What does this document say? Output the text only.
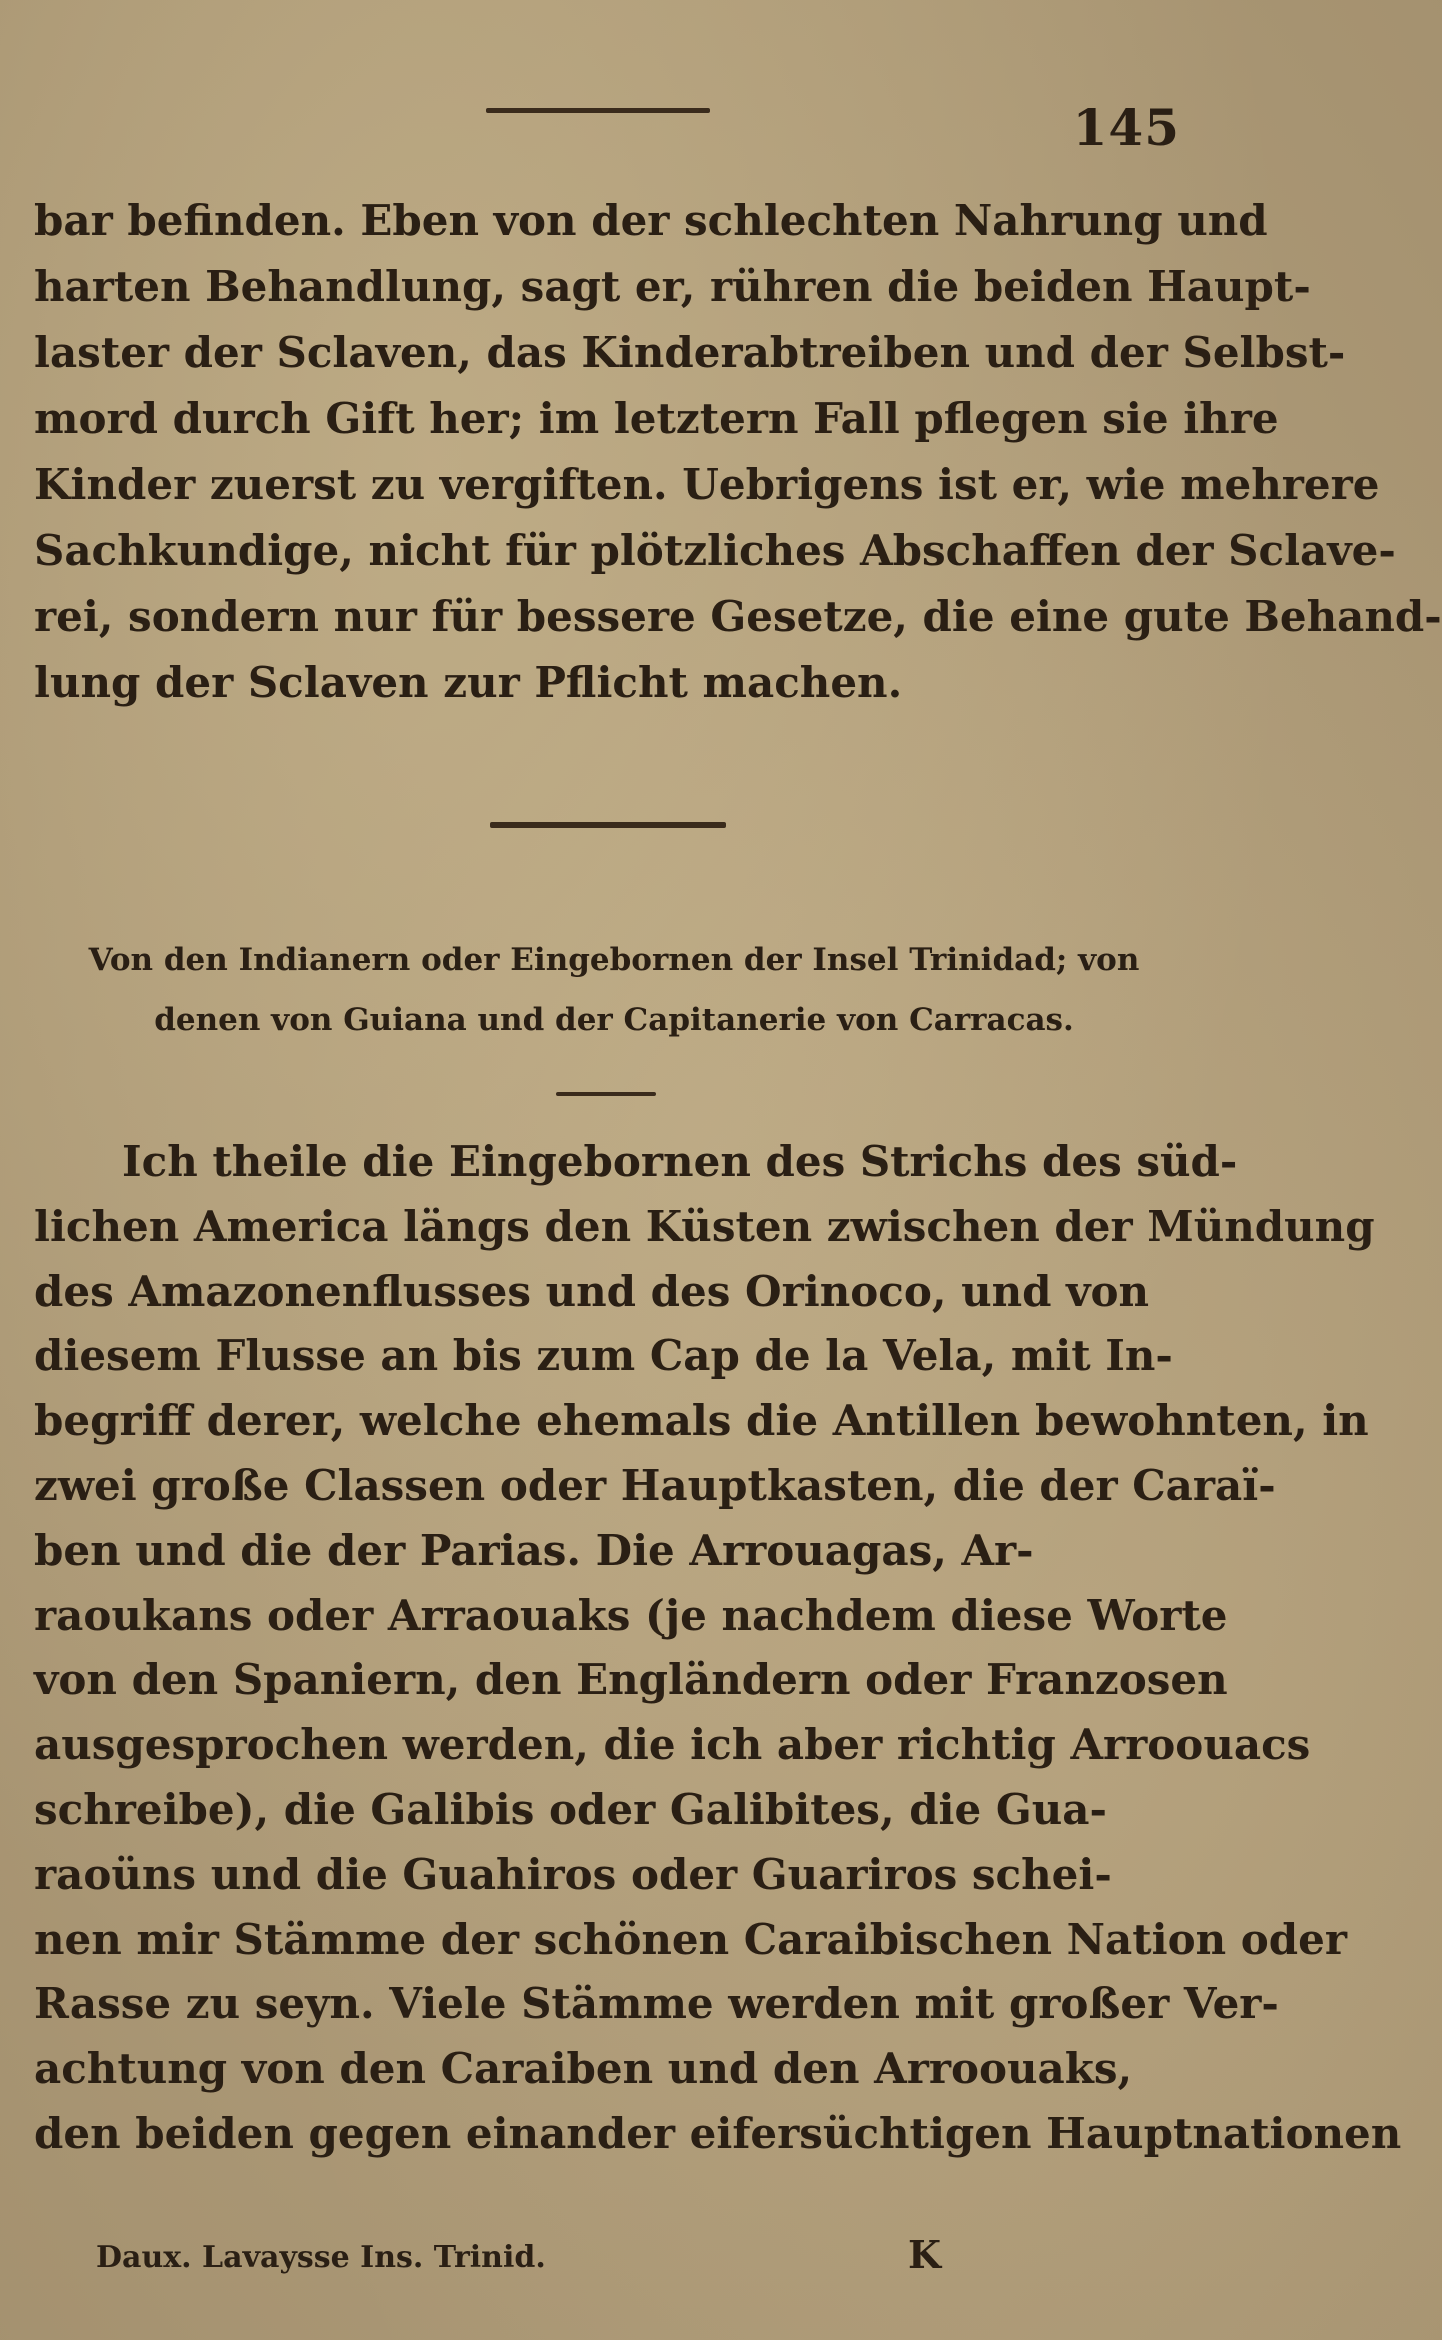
145
bar befinden. Eben von der schlechten Nahrung und
harten Behandlung, sagt er, rühren die beiden Haupt-
laster der Sclaven, das Kinderabtreiben und der Selbst-
mord durch Gift her; im letztern Fall pflegen sie ihre
Kinder zuerst zu vergiften. Uebrigens ist er, wie mehrere
Sachkundige, nicht für plötzliches Abschaffen der Sclave-
rei, sondern nur für bessere Gesetze, die eine gute Behand-
lung der Sclaven zur Pflicht machen.
Von den Indianern oder Eingebornen der Insel Trinidad; von
denen von Guiana und der Capitanerie von Carracas.
Ich theile die Eingebornen des Strichs des süd-
lichen America längs den Küsten zwischen der Mündung
des Amazonenflusses und des Orinoco, und von
diesem Flusse an bis zum Cap de la Vela, mit In-
begriff derer, welche ehemals die Antillen bewohnten, in
zwei große Classen oder Hauptkasten, die der Caraï-
ben und die der Parias. Die Arrouagas, Ar-
raoukans oder Arraouaks (je nachdem diese Worte
von den Spaniern, den Engländern oder Franzosen
ausgesprochen werden, die ich aber richtig Arroouacs
schreibe), die Galibis oder Galibites, die Gua-
raoüns und die Guahiros oder Guariros schei-
nen mir Stämme der schönen Caraibischen Nation oder
Rasse zu seyn. Viele Stämme werden mit großer Ver-
achtung von den Caraiben und den Arroouaks,
den beiden gegen einander eifersüchtigen Hauptnationen
Daux. Lavaysse Ins. Trinid.	K
